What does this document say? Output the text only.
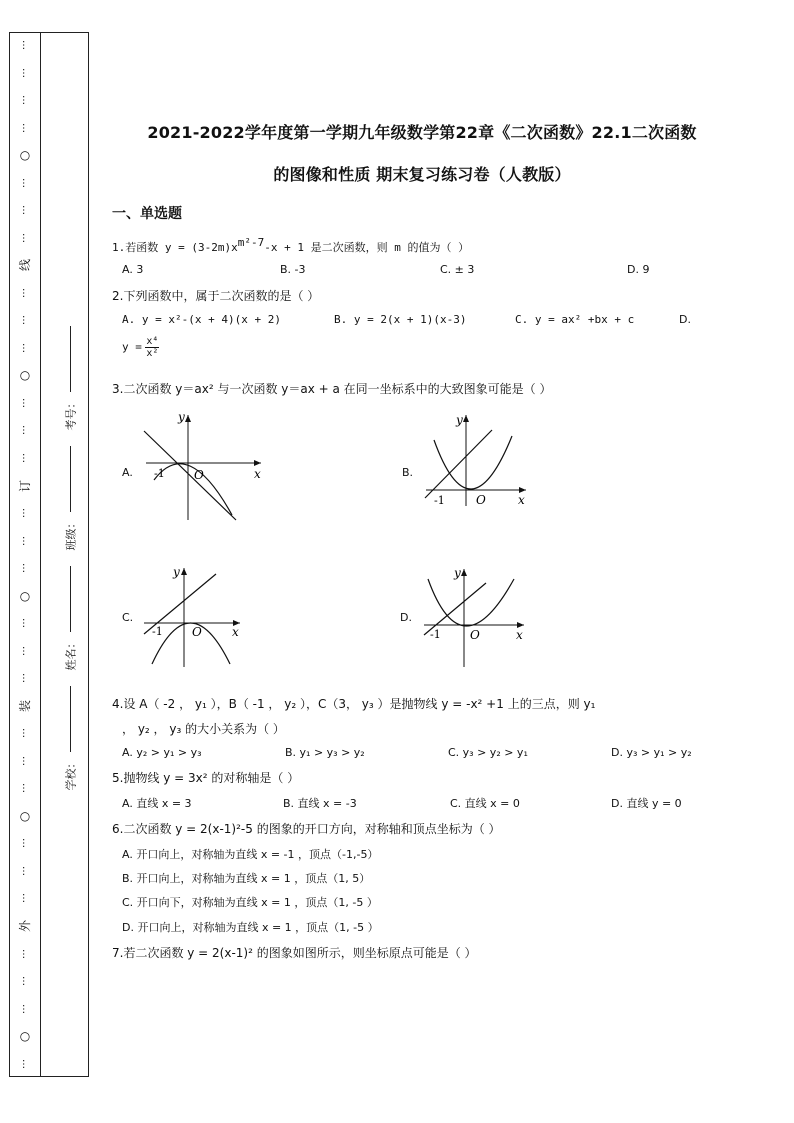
…
…
…
…
○
…
…
…
线
…
…
…
○
…
…
…
订
…
…
…
○
…
…
…
装
…
…
…
○
…
…
…
外
…
…
…
○
…
考号：
班级：
姓名：
学校：
2021-2022学年度第一学期九年级数学第22章《二次函数》22.1二次函数
的图像和性质 期末复习练习卷（人教版）
一、单选题
1.若函数 $y = (3-2m)x^{m^2-7}-x + 1$ 是二次函数，则 m 的值为（ ）
A. 3	B. -3	C. ± 3	D. 9
2.下列函数中，属于二次函数的是（ ）
A. y = x²-(x + 4)(x + 2)	B. y = 2(x + 1)(x-3)	C. y = ax² +bx + c	D.
$y = \frac{\text{x⁴}}{\text{x²}}$
3.二次函数 y＝ax² 与一次函数 y＝ax + a 在同一坐标系中的大致图象可能是（ ）
A.	x
y
O
-1	B.
x
y
O
-1
C.
x
y
O
-1
D.
x
y
O
-1
4.设 A（ -2 ， y₁ ），B（ -1 ， y₂ ），C（3， y₃ ）是抛物线 y = -x² +1 上的三点，则 y₁
， y₂ ， y₃ 的大小关系为（ ）
A. y₂ > y₁ > y₃	B. y₁ > y₃ > y₂	C. y₃ > y₂ > y₁	D. y₃ > y₁ > y₂
5.抛物线 y = 3x² 的对称轴是（ ）
A. 直线 x = 3	B. 直线 x = -3	C. 直线 x = 0	D. 直线 y = 0
6.二次函数 y = 2(x-1)²-5 的图象的开口方向，对称轴和顶点坐标为（ ）
A. 开口向上，对称轴为直线 x = -1 ，顶点（-1,-5）
B. 开口向上，对称轴为直线 x = 1 ，顶点（1, 5）
C. 开口向下，对称轴为直线 x = 1 ，顶点（1, -5 ）
D. 开口向上，对称轴为直线 x = 1 ，顶点（1, -5 ）
7.若二次函数 y = 2(x-1)² 的图象如图所示，则坐标原点可能是（ ）
